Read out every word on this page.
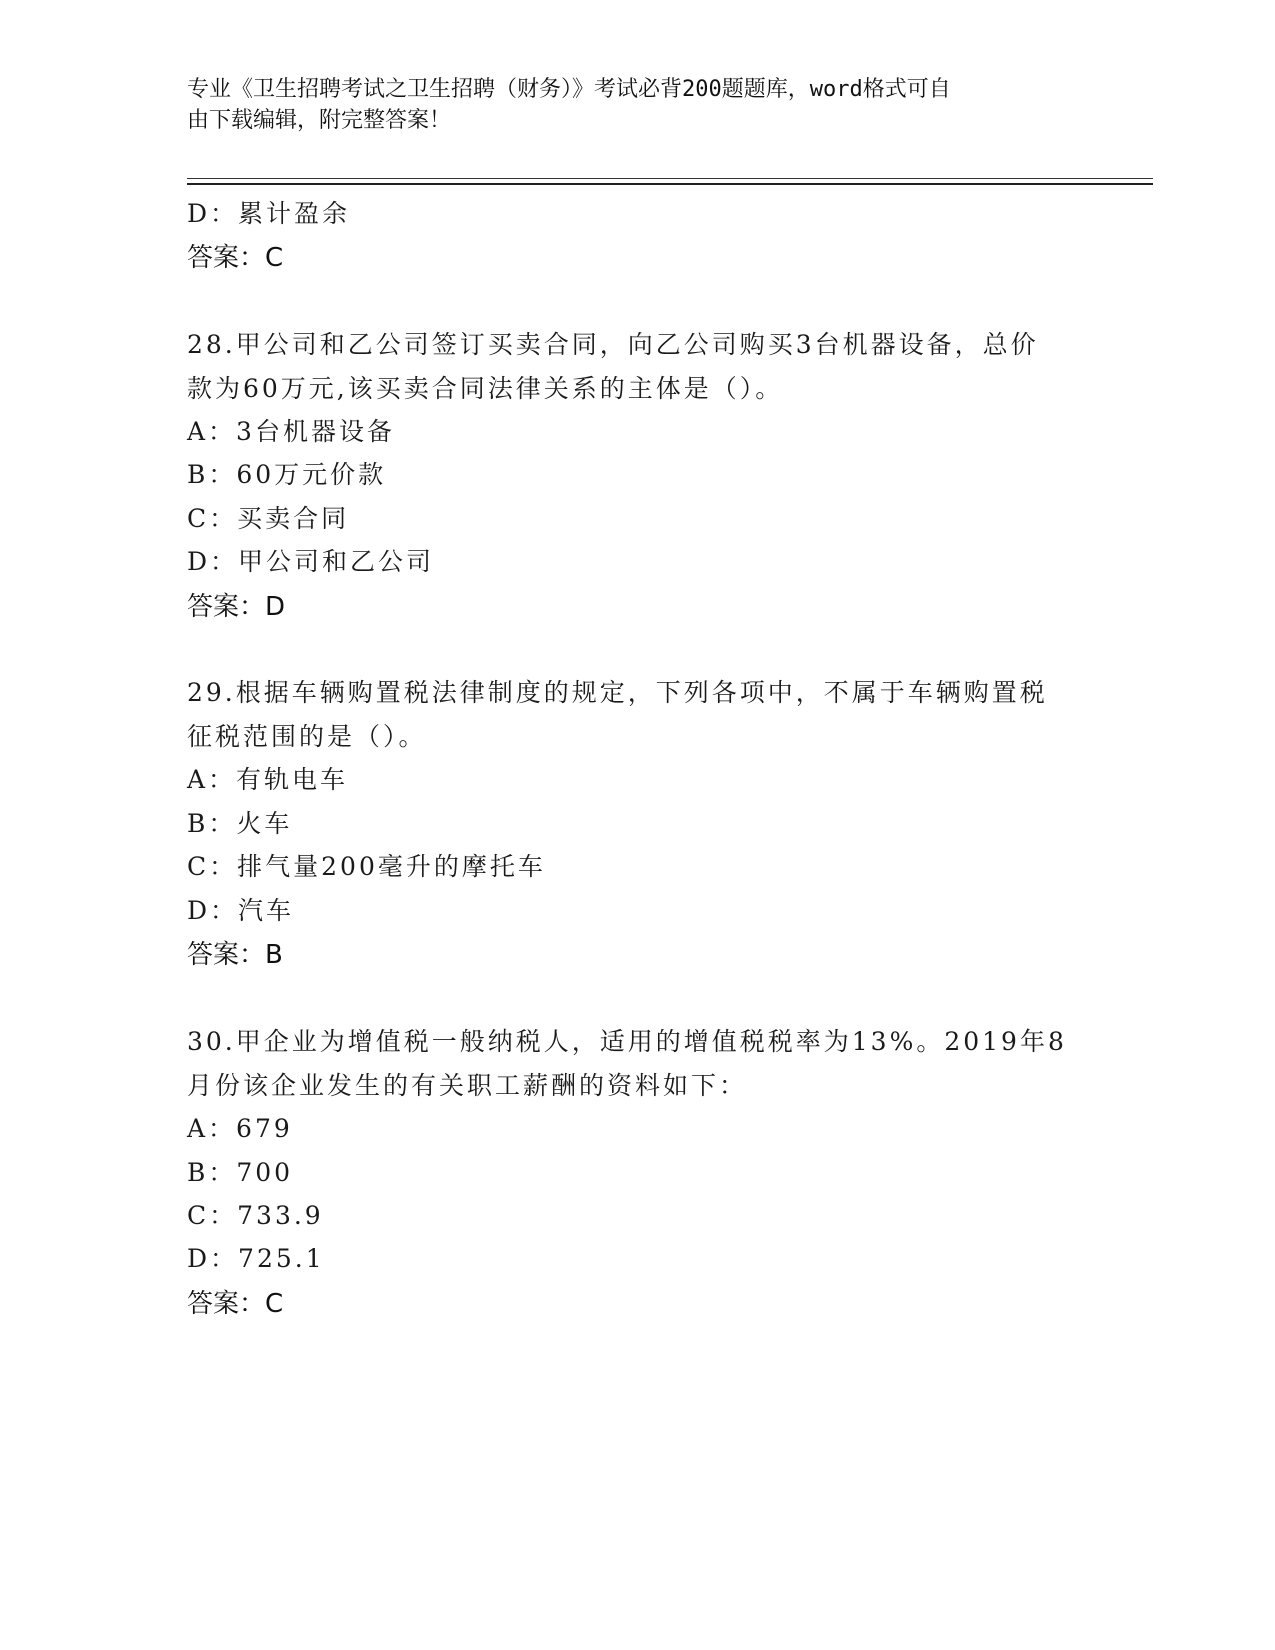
专业《卫生招聘考试之卫生招聘（财务）》考试必背200题题库，word格式可自
由下载编辑，附完整答案！
D：累计盈余
答案：C
28.甲公司和乙公司签订买卖合同，向乙公司购买3台机器设备，总价
款为60万元,该买卖合同法律关系的主体是（）。
A：3台机器设备
B：60万元价款
C：买卖合同
D：甲公司和乙公司
答案：D
29.根据车辆购置税法律制度的规定，下列各项中，不属于车辆购置税
征税范围的是（）。
A：有轨电车
B：火车
C：排气量200毫升的摩托车
D：汽车
答案：B
30.甲企业为增值税一般纳税人，适用的增值税税率为13%。2019年8
月份该企业发生的有关职工薪酬的资料如下：
A：679
B：700
C：733.9
D：725.1
答案：C
